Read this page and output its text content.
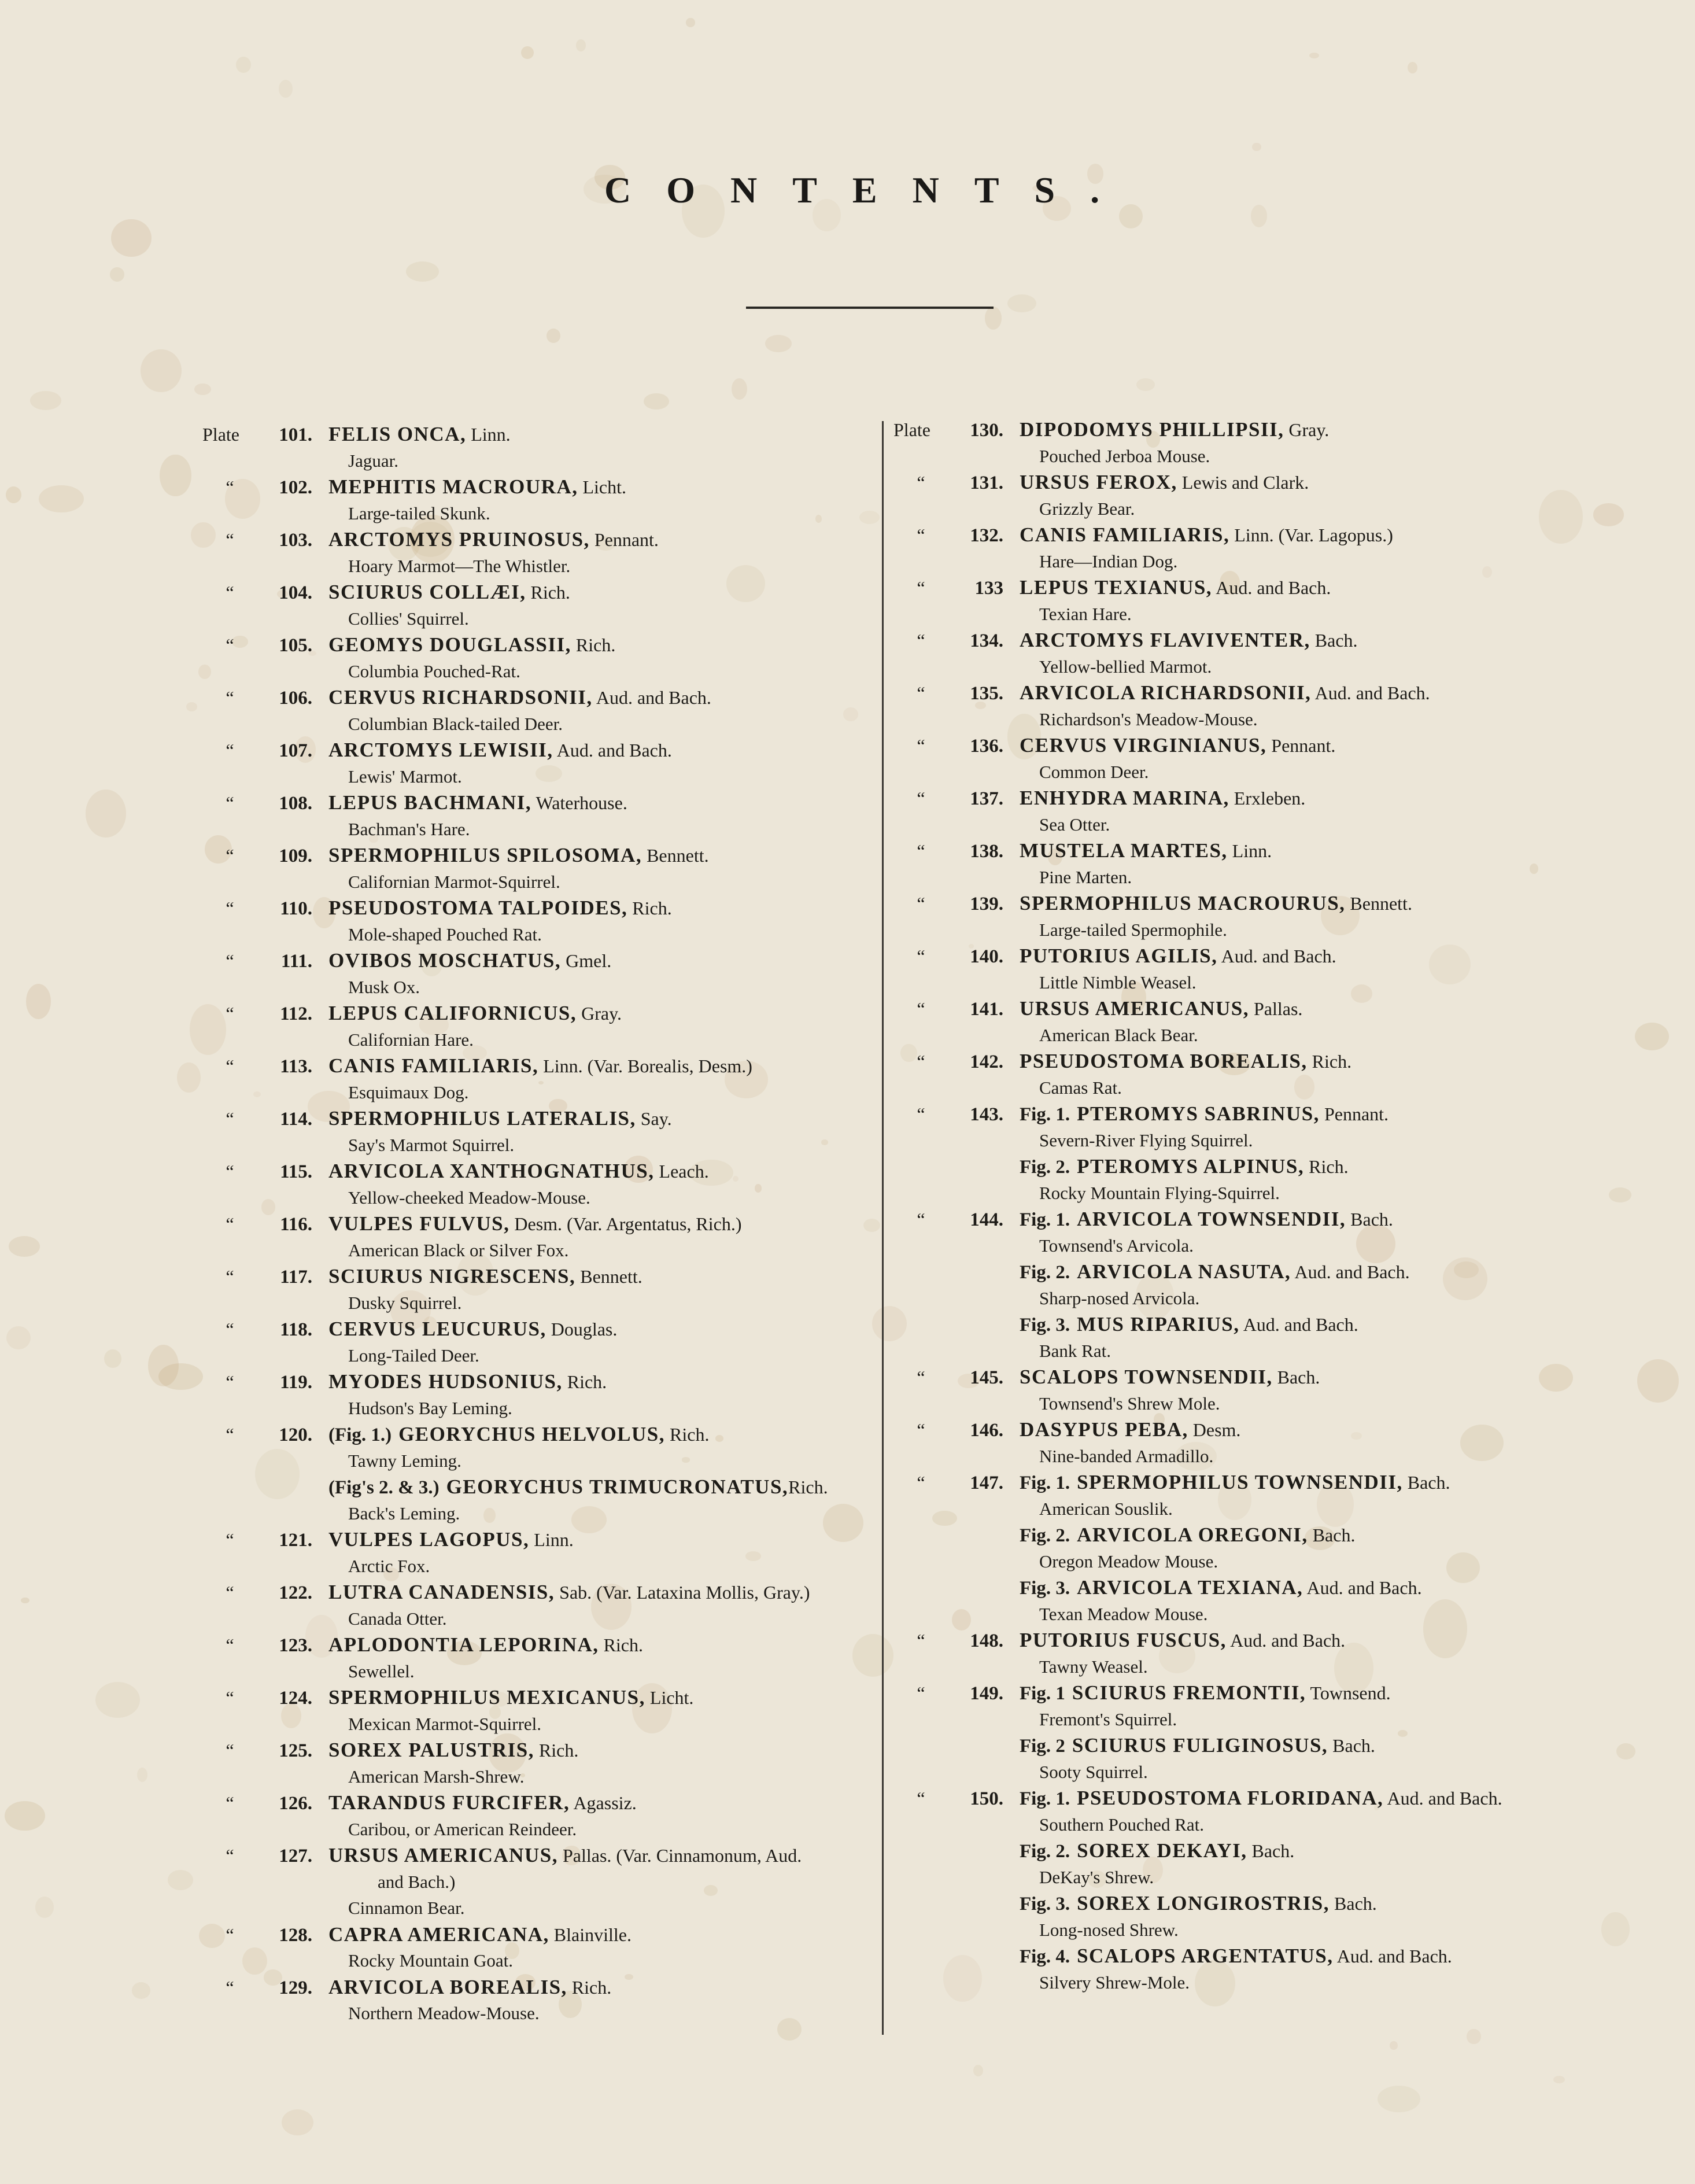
CONTENTS.
Plate 101. FELIS ONCA, Linn.
Jaguar.
“ 102. MEPHITIS MACROURA, Licht.
Large-tailed Skunk.
“ 103. ARCTOMYS PRUINOSUS, Pennant.
Hoary Marmot—The Whistler.
“ 104. SCIURUS COLLÆI, Rich.
Collies' Squirrel.
“ 105. GEOMYS DOUGLASSII, Rich.
Columbia Pouched-Rat.
“ 106. CERVUS RICHARDSONII, Aud. and Bach.
Columbian Black-tailed Deer.
“ 107. ARCTOMYS LEWISII, Aud. and Bach.
Lewis' Marmot.
“ 108. LEPUS BACHMANI, Waterhouse.
Bachman's Hare.
“ 109. SPERMOPHILUS SPILOSOMA, Bennett.
Californian Marmot-Squirrel.
“ 110. PSEUDOSTOMA TALPOIDES, Rich.
Mole-shaped Pouched Rat.
“ 111. OVIBOS MOSCHATUS, Gmel.
Musk Ox.
“ 112. LEPUS CALIFORNICUS, Gray.
Californian Hare.
“ 113. CANIS FAMILIARIS, Linn. (Var. Borealis, Desm.)
Esquimaux Dog.
“ 114. SPERMOPHILUS LATERALIS, Say.
Say's Marmot Squirrel.
“ 115. ARVICOLA XANTHOGNATHUS, Leach.
Yellow-cheeked Meadow-Mouse.
“ 116. VULPES FULVUS, Desm. (Var. Argentatus, Rich.)
American Black or Silver Fox.
“ 117. SCIURUS NIGRESCENS, Bennett.
Dusky Squirrel.
“ 118. CERVUS LEUCURUS, Douglas.
Long-Tailed Deer.
“ 119. MYODES HUDSONIUS, Rich.
Hudson's Bay Leming.
“ 120. (Fig. 1.) GEORYCHUS HELVOLUS, Rich.
Tawny Leming.
(Fig's 2. & 3.) GEORYCHUS TRIMUCRONATUS,Rich.
Back's Leming.
“ 121. VULPES LAGOPUS, Linn.
Arctic Fox.
“ 122. LUTRA CANADENSIS, Sab. (Var. Lataxina Mollis, Gray.)
Canada Otter.
“ 123. APLODONTIA LEPORINA, Rich.
Sewellel.
“ 124. SPERMOPHILUS MEXICANUS, Licht.
Mexican Marmot-Squirrel.
“ 125. SOREX PALUSTRIS, Rich.
American Marsh-Shrew.
“ 126. TARANDUS FURCIFER, Agassiz.
Caribou, or American Reindeer.
“ 127. URSUS AMERICANUS, Pallas. (Var. Cinnamonum, Aud.
and Bach.)
Cinnamon Bear.
“ 128. CAPRA AMERICANA, Blainville.
Rocky Mountain Goat.
“ 129. ARVICOLA BOREALIS, Rich.
Northern Meadow-Mouse.
Plate 130. DIPODOMYS PHILLIPSII, Gray.
Pouched Jerboa Mouse.
“ 131. URSUS FEROX, Lewis and Clark.
Grizzly Bear.
“ 132. CANIS FAMILIARIS, Linn. (Var. Lagopus.)
Hare—Indian Dog.
“	133 LEPUS TEXIANUS, Aud. and Bach.
Texian Hare.
“ 134. ARCTOMYS FLAVIVENTER, Bach.
Yellow-bellied Marmot.
“ 135. ARVICOLA RICHARDSONII, Aud. and Bach.
Richardson's Meadow-Mouse.
“ 136. CERVUS VIRGINIANUS, Pennant.
Common Deer.
“ 137. ENHYDRA MARINA, Erxleben.
Sea Otter.
“ 138. MUSTELA MARTES, Linn.
Pine Marten.
“ 139. SPERMOPHILUS MACROURUS, Bennett.
Large-tailed Spermophile.
“ 140. PUTORIUS AGILIS, Aud. and Bach.
Little Nimble Weasel.
“ 141. URSUS AMERICANUS, Pallas.
American Black Bear.
“ 142. PSEUDOSTOMA BOREALIS, Rich.
Camas Rat.
“ 143. Fig. 1. PTEROMYS SABRINUS, Pennant.
Severn-River Flying Squirrel.
Fig. 2. PTEROMYS ALPINUS, Rich.
Rocky Mountain Flying-Squirrel.
“ 144. Fig. 1. ARVICOLA TOWNSENDII, Bach.
Townsend's Arvicola.
Fig. 2. ARVICOLA NASUTA, Aud. and Bach.
Sharp-nosed Arvicola.
Fig. 3. MUS RIPARIUS, Aud. and Bach.
Bank Rat.
“ 145. SCALOPS TOWNSENDII, Bach.
Townsend's Shrew Mole.
“ 146. DASYPUS PEBA, Desm.
Nine-banded Armadillo.
“ 147. Fig. 1. SPERMOPHILUS TOWNSENDII, Bach.
American Souslik.
Fig. 2. ARVICOLA OREGONI, Bach.
Oregon Meadow Mouse.
Fig. 3. ARVICOLA TEXIANA, Aud. and Bach.
Texan Meadow Mouse.
“ 148. PUTORIUS FUSCUS, Aud. and Bach.
Tawny Weasel.
“ 149. Fig. 1 SCIURUS FREMONTII, Townsend.
Fremont's Squirrel.
Fig. 2 SCIURUS FULIGINOSUS, Bach.
Sooty Squirrel.
“ 150. Fig. 1. PSEUDOSTOMA FLORIDANA, Aud. and Bach.
Southern Pouched Rat.
Fig. 2. SOREX DEKAYI, Bach.
DeKay's Shrew.
Fig. 3. SOREX LONGIROSTRIS, Bach.
Long-nosed Shrew.
Fig. 4. SCALOPS ARGENTATUS, Aud. and Bach.
Silvery Shrew-Mole.
